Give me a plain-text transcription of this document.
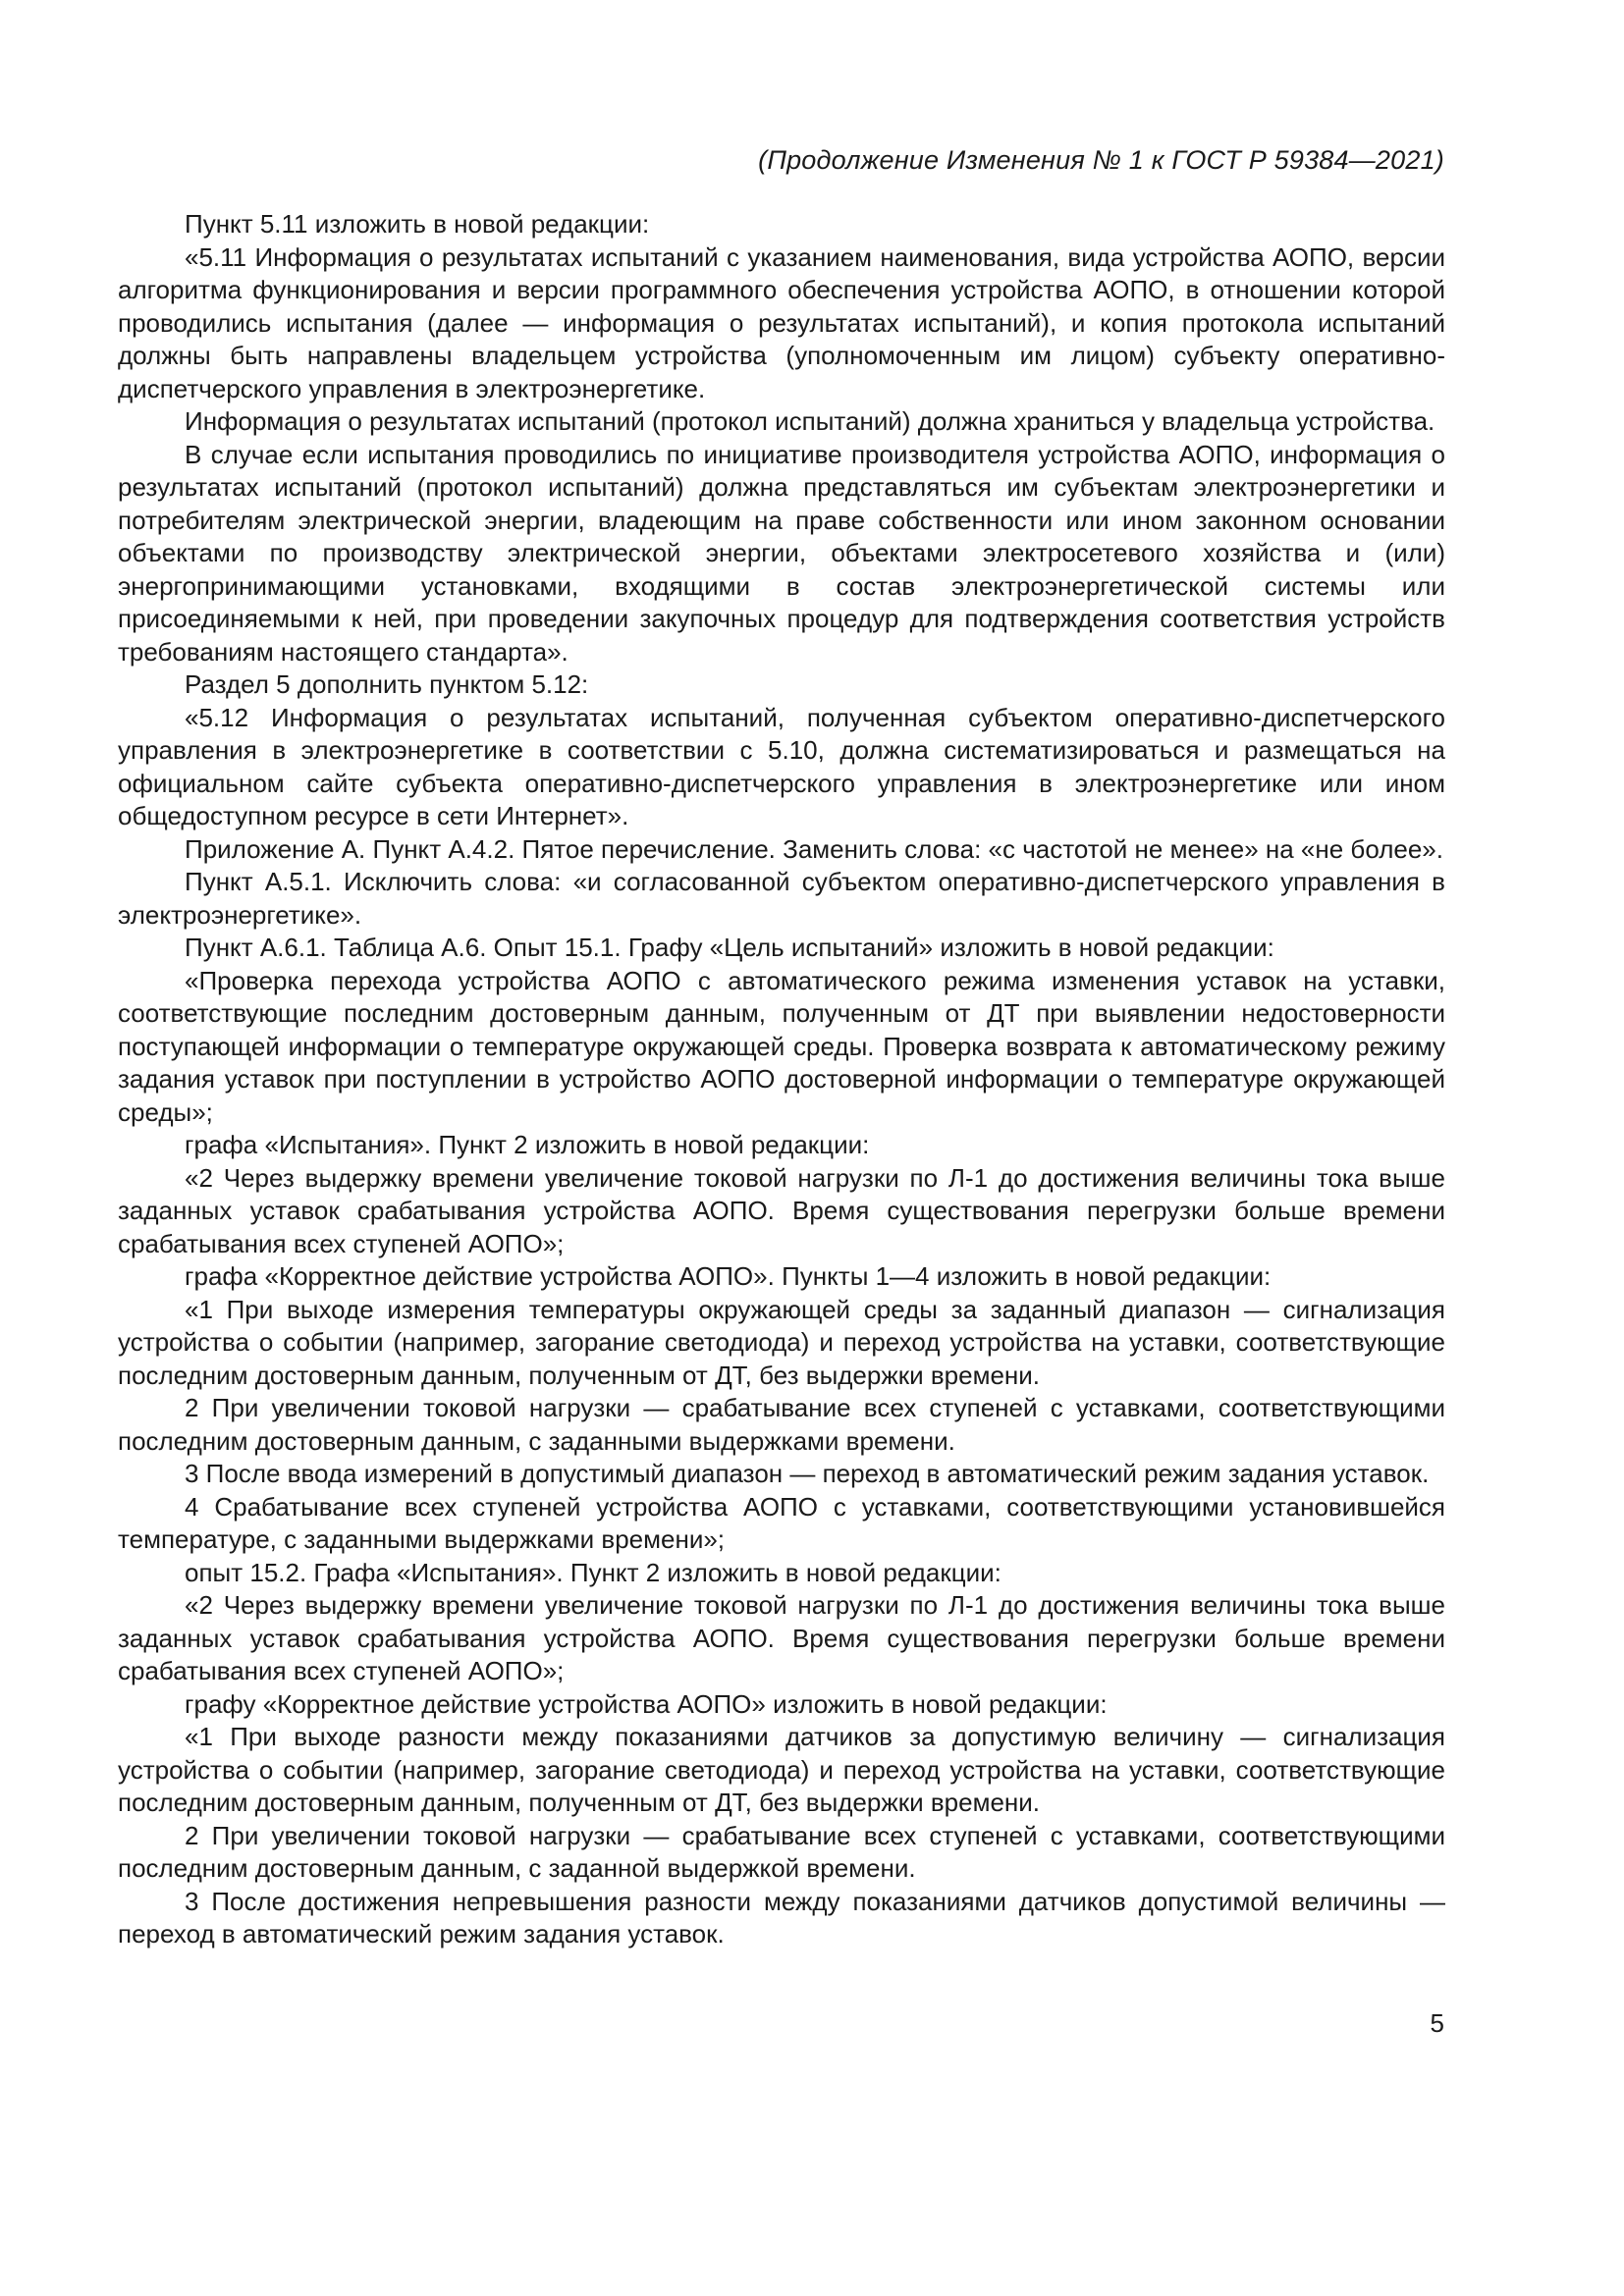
(Продолжение Изменения № 1 к ГОСТ Р 59384—2021)

Пункт 5.11 изложить в новой редакции:

«5.11 Информация о результатах испытаний с указанием наименования, вида устройства АОПО, версии алгоритма функционирования и версии программного обеспечения устройства АОПО, в отношении которой проводились испытания (далее — информация о результатах испытаний), и копия протокола испытаний должны быть направлены владельцем устройства (уполномоченным им лицом) субъекту оперативно-диспетчерского управления в электроэнергетике.

Информация о результатах испытаний (протокол испытаний) должна храниться у владельца устройства.

В случае если испытания проводились по инициативе производителя устройства АОПО, информация о результатах испытаний (протокол испытаний) должна представляться им субъектам электроэнергетики и потребителям электрической энергии, владеющим на праве собственности или ином законном основании объектами по производству электрической энергии, объектами электросетевого хозяйства и (или) энергопринимающими установками, входящими в состав электроэнергетической системы или присоединяемыми к ней, при проведении закупочных процедур для подтверждения соответствия устройств требованиям настоящего стандарта».

Раздел 5 дополнить пунктом 5.12:

«5.12 Информация о результатах испытаний, полученная субъектом оперативно-диспетчерского управления в электроэнергетике в соответствии с 5.10, должна систематизироваться и размещаться на официальном сайте субъекта оперативно-диспетчерского управления в электроэнергетике или ином общедоступном ресурсе в сети Интернет».

Приложение А. Пункт А.4.2. Пятое перечисление. Заменить слова: «с частотой не менее» на «не более».

Пункт А.5.1. Исключить слова: «и согласованной субъектом оперативно-диспетчерского управления в электроэнергетике».

Пункт А.6.1. Таблица А.6. Опыт 15.1. Графу «Цель испытаний» изложить в новой редакции:

«Проверка перехода устройства АОПО с автоматического режима изменения уставок на уставки, соответствующие последним достоверным данным, полученным от ДТ при выявлении недостоверности поступающей информации о температуре окружающей среды. Проверка возврата к автоматическому режиму задания уставок при поступлении в устройство АОПО достоверной информации о температуре окружающей среды»;

графа «Испытания». Пункт 2 изложить в новой редакции:

«2 Через выдержку времени увеличение токовой нагрузки по Л-1 до достижения величины тока выше заданных уставок срабатывания устройства АОПО. Время существования перегрузки больше времени срабатывания всех ступеней АОПО»;

графа «Корректное действие устройства АОПО». Пункты 1—4 изложить в новой редакции:

«1 При выходе измерения температуры окружающей среды за заданный диапазон — сигнализация устройства о событии (например, загорание светодиода) и переход устройства на уставки, соответствующие последним достоверным данным, полученным от ДТ, без выдержки времени.

2 При увеличении токовой нагрузки — срабатывание всех ступеней с уставками, соответствующими последним достоверным данным, с заданными выдержками времени.

3 После ввода измерений в допустимый диапазон — переход в автоматический режим задания уставок.

4 Срабатывание всех ступеней устройства АОПО с уставками, соответствующими установившейся температуре, с заданными выдержками времени»;

опыт 15.2. Графа «Испытания». Пункт 2 изложить в новой редакции:

«2 Через выдержку времени увеличение токовой нагрузки по Л-1 до достижения величины тока выше заданных уставок срабатывания устройства АОПО. Время существования перегрузки больше времени срабатывания всех ступеней АОПО»;

графу «Корректное действие устройства АОПО» изложить в новой редакции:

«1 При выходе разности между показаниями датчиков за допустимую величину — сигнализация устройства о событии (например, загорание светодиода) и переход устройства на уставки, соответствующие последним достоверным данным, полученным от ДТ, без выдержки времени.

2 При увеличении токовой нагрузки — срабатывание всех ступеней с уставками, соответствующими последним достоверным данным, с заданной выдержкой времени.

3 После достижения непревышения разности между показаниями датчиков допустимой величины — переход в автоматический режим задания уставок.

5
